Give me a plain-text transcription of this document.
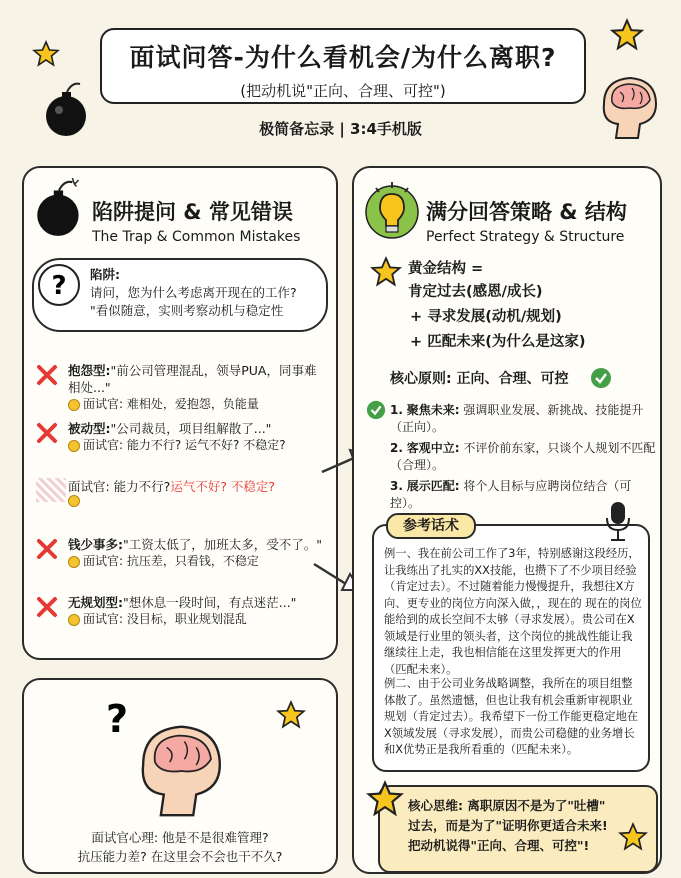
面试问答-为什么看机会/为什么离职?
(把动机说"正向、合理、可控")
极简备忘录 | 3:4手机版
陷阱提问 & 常见错误
The Trap & Common Mistakes
? 陷阱:
请问，您为什么考虑离开现在的工作?
"看似随意，实则考察动机与稳定性
抱怨型:"前公司管理混乱，领导PUA，同事难相处..."
面试官: 难相处，爱抱怨，负能量
被动型:"公司裁员，项目组解散了..."
面试官: 能力不行? 运气不好? 不稳定?
面试官: 能力不行?运气不好? 不稳定?
钱少事多:"工资太低了，加班太多，受不了。"
面试官: 抗压差，只看钱，不稳定
无规划型:"想休息一段时间，有点迷茫..."
面试官: 没目标，职业规划混乱
?
面试官心理: 他是不是很难管理?
抗压能力差? 在这里会不会也干不久?
满分回答策略 & 结构
Perfect Strategy & Structure
黄金结构 =
肯定过去(感恩/成长)
+ 寻求发展(动机/规划)
+ 匹配未来(为什么是这家)
核心原则: 正向、合理、可控
1. 聚焦未来: 强调职业发展、新挑战、技能提升（正向）。
2. 客观中立: 不评价前东家，只谈个人规划不匹配（合理）。
3. 展示匹配: 将个人目标与应聘岗位结合（可控）。
参考话术
例一、我在前公司工作了3年，特别感谢这段经历，让我练出了扎实的XX技能，也攒下了不少项目经验（肯定过去）。不过随着能力慢慢提升，我想往X方向、更专业的岗位方向深入做，，现在的 现在的岗位能给到的成长空间不太够（寻求发展）。贵公司在X领域是行业里的领头者，这个岗位的挑战性能让我继续往上走，我也相信能在这里发挥更大的作用（匹配未来）。
例二、由于公司业务战略调整，我所在的项目组整体散了。虽然遗憾，但也让我有机会重新审视职业规划（肯定过去）。我希望下一份工作能更稳定地在X领域发展（寻求发展），而贵公司稳健的业务增长和X优势正是我所看重的（匹配未来）。
核心思维: 离职原因不是为了"吐槽"
过去，而是为了"证明你更适合未来!
把动机说得"正向、合理、可控"!
